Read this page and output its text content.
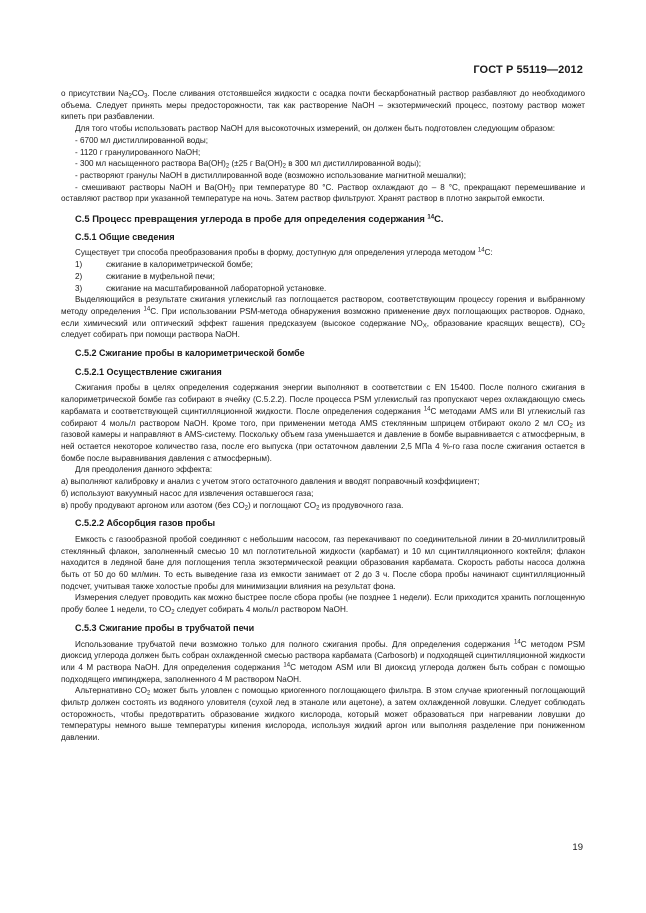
ГОСТ Р 55119—2012

о присутствии $Na_2CO_3$. После сливания отстоявшейся жидкости с осадка почти бескарбонатный раствор разбавляют до необходимого объема. Следует принять меры предосторожности, так как растворение NaOH – экзотермический процесс, поэтому раствор может кипеть при разбавлении.

Для того чтобы использовать раствор NaOH для высокоточных измерений, он должен быть подготовлен следующим образом:

- 6700 мл дистиллированной воды;

- 1120 г гранулированного NaOH;

- 300 мл насыщенного раствора $Ba(OH)_2$ (±25 г $Ba(OH)_2$ в 300 мл дистиллированной воды);

- растворяют гранулы NaOH в дистиллированной воде (возможно использование магнитной мешалки);

- смешивают растворы NaOH и $Ba(OH)_2$ при температуре 80 °С. Раствор охлаждают до – 8 °С, прекращают перемешивание и оставляют раствор при указанной температуре на ночь. Затем раствор фильтруют. Хранят раствор в плотно закрытой емкости.

С.5 Процесс превращения углерода в пробе для определения содержания $^{14}$С.
С.5.1 Общие сведения

Существует три способа преобразования пробы в форму, доступную для определения углерода методом $^{14}$С:

1)	сжигание в калориметрической бомбе;
2)	сжигание в муфельной печи;
3)	сжигание на масштабированной лабораторной установке.

Выделяющийся в результате сжигания углекислый газ поглощается раствором, соответствующим процессу горения и выбранному методу определения $^{14}$С. При использовании PSM-метода обнаружения возможно применение двух поглощающих растворов. Однако, если химический или оптический эффект гашения предсказуем (высокое содержание $NO_X$, образование красящих веществ), $CO_2$ следует собирать при помощи раствора NaOH.

С.5.2 Сжигание пробы в калориметрической бомбе
С.5.2.1 Осуществление сжигания

Сжигания пробы в целях определения содержания энергии выполняют в соответствии с EN 15400. После полного сжигания в калориметрической бомбе газ собирают в ячейку (С.5.2.2). После процесса PSM углекислый газ пропускают через охлаждающую смесь карбамата и соответствующей сцинтилляционной жидкости. После определения содержания $^{14}$С методами AMS или BI углекислый газ собирают 4 моль/л раствором NaOH. Кроме того, при применении метода AMS стеклянным шприцем отбирают около 2 мл $CO_2$ из газовой камеры и направляют в AMS-систему. Поскольку объем газа уменьшается и давление в бомбе выравнивается с атмосферным, в ней остается некоторое количество газа, после его выпуска (при остаточном давлении 2,5 МПа 4 %-го газа после сжигания остается в бомбе после выравнивания давления с атмосферным).

Для преодоления данного эффекта:

а) выполняют калибровку и анализ с учетом этого остаточного давления и вводят поправочный коэффициент;

б) используют вакуумный насос для извлечения оставшегося газа;

в) пробу продувают аргоном или азотом (без $CO_2$) и поглощают $CO_2$ из продувочного газа.

С.5.2.2 Абсорбция газов пробы

Емкость с газообразной пробой соединяют с небольшим насосом, газ перекачивают по соединительной линии в 20-миллилитровый стеклянный флакон, заполненный смесью 10 мл поглотительной жидкости (карбамат) и 10 мл сцинтилляционного коктейля; флакон находится в ледяной бане для поглощения тепла экзотермической реакции образования карбамата. Скорость работы насоса должна быть от 50 до 60 мл/мин. То есть выведение газа из емкости занимает от 2 до 3 ч. После сбора пробы начинают сцинтилляционный подсчет, учитывая также холостые пробы для минимизации влияния на результат фона.

Измерения следует проводить как можно быстрее после сбора пробы (не позднее 1 недели). Если приходится хранить поглощенную пробу более 1 недели, то $CO_2$ следует собирать 4 моль/л раствором NaOH.

С.5.3 Сжигание пробы в трубчатой печи

Использование трубчатой печи возможно только для полного сжигания пробы. Для определения содержания $^{14}$С методом PSM диоксид углерода должен быть собран охлажденной смесью раствора карбамата (Carbosorb) и подходящей сцинтилляционной жидкости или 4 М раствора NaOH. Для определения содержания $^{14}$С методом ASM или BI диоксид углерода должен быть собран с помощью подходящего импинджера, заполненного 4 М раствором NaOH.

Альтернативно $CO_2$ может быть уловлен с помощью криогенного поглощающего фильтра. В этом случае криогенный поглощающий фильтр должен состоять из водяного уловителя (сухой лед в этаноле или ацетоне), а затем охлажденной ловушки. Следует соблюдать осторожность, чтобы предотвратить образование жидкого кислорода, который может образоваться при нагревании ловушки до температуры немного выше температуры кипения кислорода, используя жидкий аргон или выполняя разделение при пониженном давлении.

19
